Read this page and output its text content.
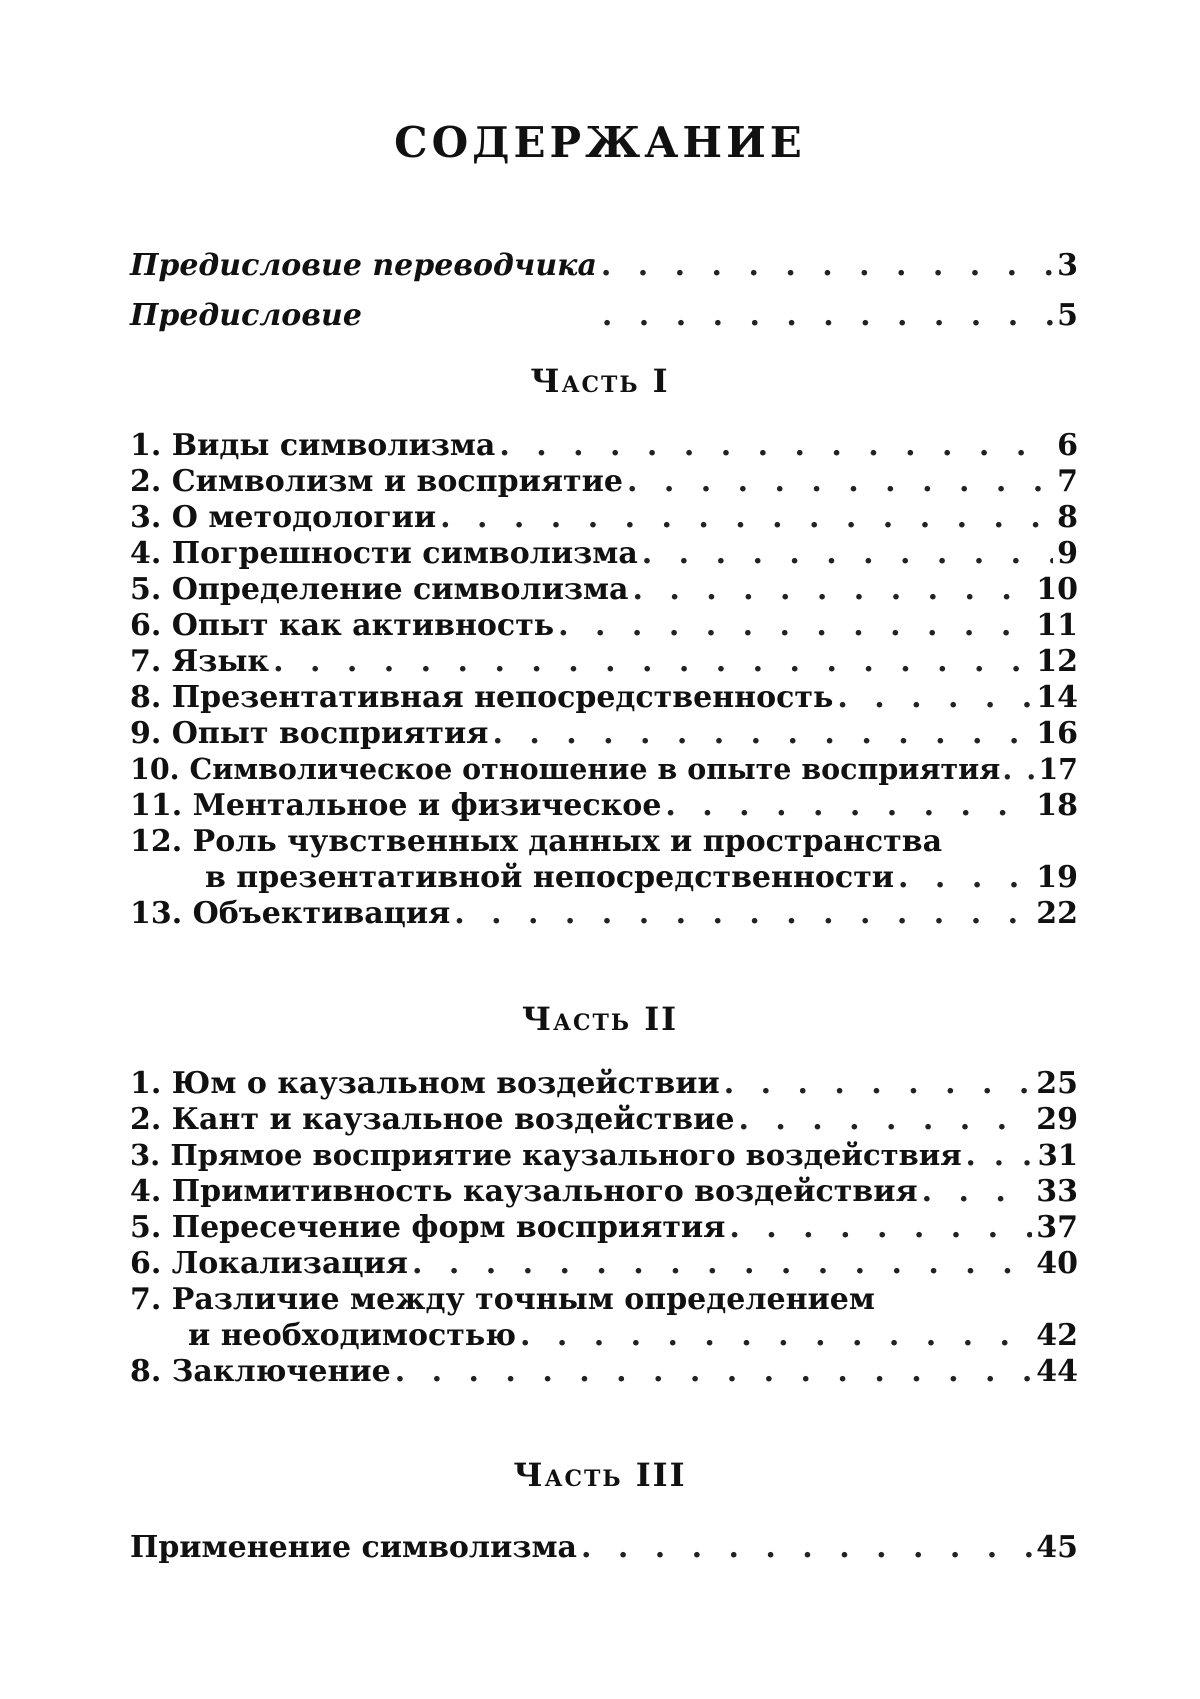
СОДЕРЖАНИЕ
Предисловие переводчика . . .	3
Предисловие . . .	5
Часть I
1. Виды символизма . . .	6
2. Символизм и восприятие . . .	7
3. О методологии . . .	8
4. Погрешности символизма . . .	9
5. Определение символизма . . .	10
6. Опыт как активность . . .	11
7. Язык . . .	12
8. Презентативная непосредственность . . .	14
9. Опыт восприятия . . .	16
10. Символическое отношение в опыте восприятия . . . 17
11. Ментальное и физическое . . .	18
12. Роль чувственных данных и пространства
в презентативной непосредственности . . .	19
13. Объективация . . .	22
Часть II
1. Юм о каузальном воздействии . . .	25
2. Кант и каузальное воздействие . . .	29
3. Прямое восприятие каузального воздействия . . .	31
4. Примитивность каузального воздействия . . .	33
5. Пересечение форм восприятия . . .	37
6. Локализация . . .	40
7. Различие между точным определением
и необходимостью . . .	42
8. Заключение . . .	44
Часть III
Применение символизма . . .	45
